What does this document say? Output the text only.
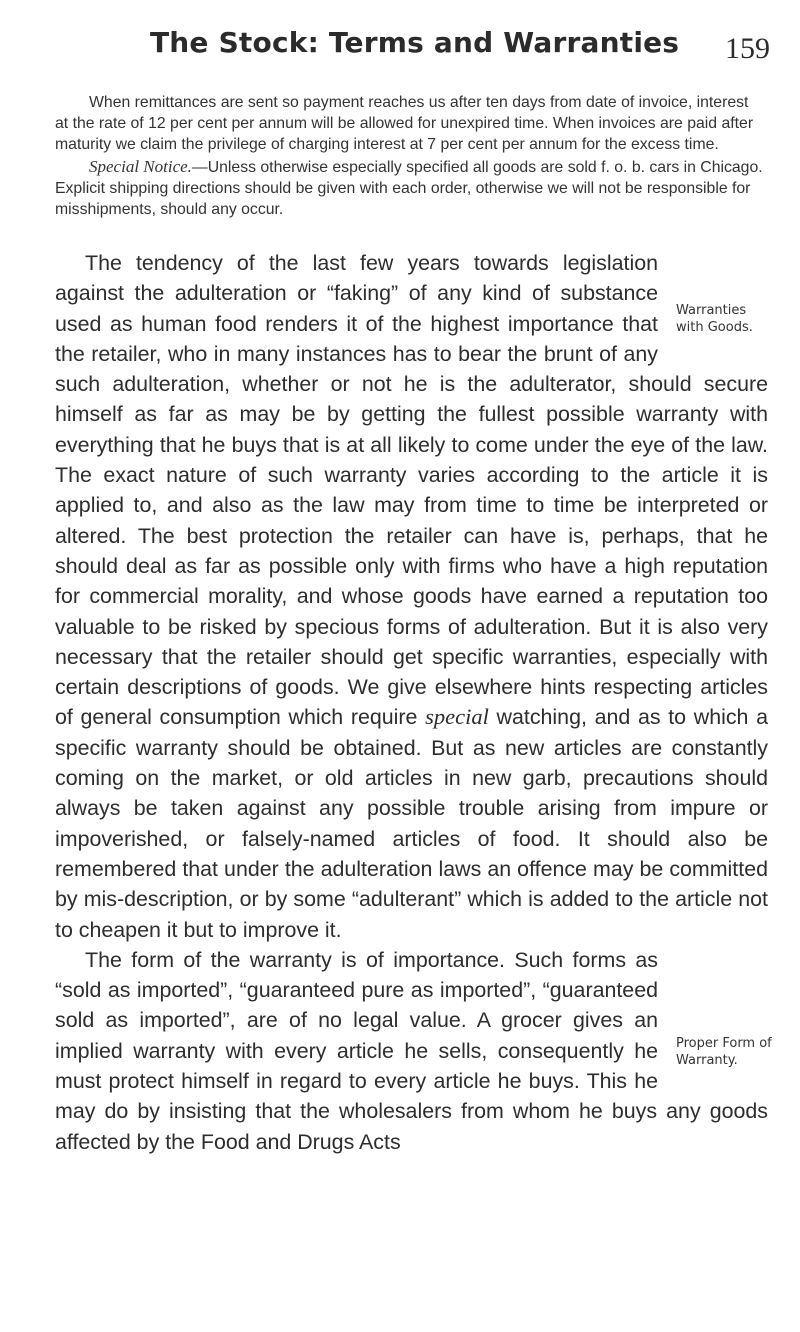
The Stock: Terms and Warranties 159

When remittances are sent so payment reaches us after ten days from date of invoice, interest at the rate of 12 per cent per annum will be allowed for unexpired time. When invoices are paid after maturity we claim the privilege of charging interest at 7 per cent per annum for the excess time.

Special Notice.—Unless otherwise especially specified all goods are sold f. o. b. cars in Chicago. Explicit shipping directions should be given with each order, otherwise we will not be responsible for misshipments, should any occur.

Warranties with Goods.
Proper Form of Warranty.

The tendency of the last few years towards legislation against the adulteration or “faking” of any kind of substance used as human food renders it of the highest importance that the retailer, who in many instances has to bear the brunt of any such adulteration, whether or not he is the adulterator, should secure himself as far as may be by getting the fullest possible warranty with everything that he buys that is at all likely to come under the eye of the law. The exact nature of such warranty varies according to the article it is applied to, and also as the law may from time to time be interpreted or altered. The best protection the retailer can have is, perhaps, that he should deal as far as possible only with firms who have a high reputation for commercial morality, and whose goods have earned a reputation too valuable to be risked by specious forms of adulteration. But it is also very necessary that the retailer should get specific warranties, especially with certain descriptions of goods. We give elsewhere hints respecting articles of general consumption which require special watching, and as to which a specific warranty should be obtained. But as new articles are constantly coming on the market, or old articles in new garb, precautions should always be taken against any possible trouble arising from impure or impoverished, or falsely-named articles of food. It should also be remembered that under the adulteration laws an offence may be committed by mis-description, or by some “adulterant” which is added to the article not to cheapen it but to improve it.

The form of the warranty is of importance. Such forms as “sold as imported”, “guaranteed pure as imported”, “guaranteed sold as imported”, are of no legal value. A grocer gives an implied warranty with every article he sells, consequently he must protect himself in regard to every article he buys. This he may do by insisting that the wholesalers from whom he buys any goods affected by the Food and Drugs Acts
